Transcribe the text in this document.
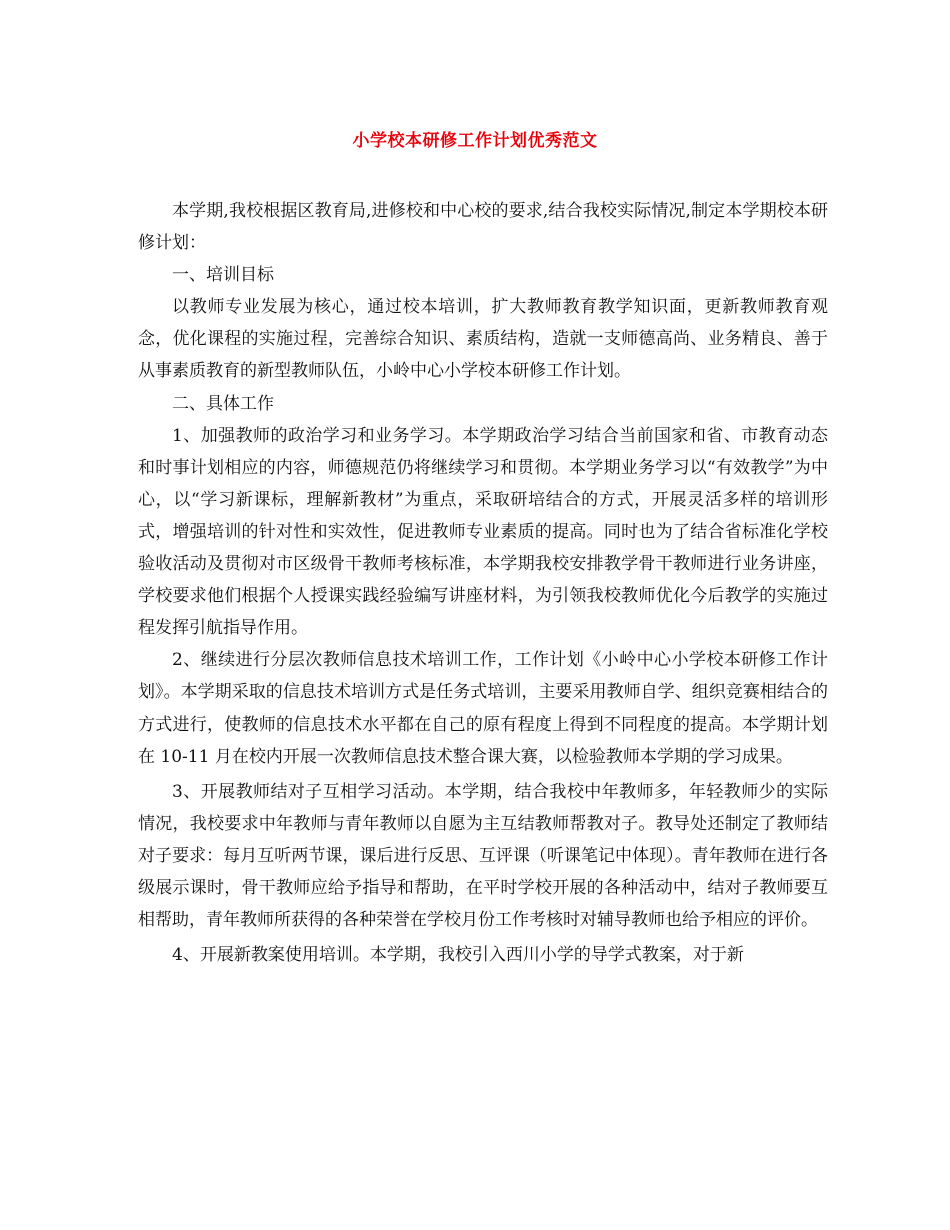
小学校本研修工作计划优秀范文

本学期,我校根据区教育局,进修校和中心校的要求,结合我校实际情况,制定本学期校本研修计划：

一、培训目标

以教师专业发展为核心，通过校本培训，扩大教师教育教学知识面，更新教师教育观念，优化课程的实施过程，完善综合知识、素质结构，造就一支师德高尚、业务精良、善于从事素质教育的新型教师队伍，小岭中心小学校本研修工作计划。

二、具体工作

1、加强教师的政治学习和业务学习。本学期政治学习结合当前国家和省、市教育动态和时事计划相应的内容，师德规范仍将继续学习和贯彻。本学期业务学习以“有效教学”为中心，以“学习新课标，理解新教材”为重点，采取研培结合的方式，开展灵活多样的培训形式，增强培训的针对性和实效性，促进教师专业素质的提高。同时也为了结合省标准化学校验收活动及贯彻对市区级骨干教师考核标准，本学期我校安排教学骨干教师进行业务讲座，学校要求他们根据个人授课实践经验编写讲座材料，为引领我校教师优化今后教学的实施过程发挥引航指导作用。

2、继续进行分层次教师信息技术培训工作，工作计划《小岭中心小学校本研修工作计划》。本学期采取的信息技术培训方式是任务式培训，主要采用教师自学、组织竞赛相结合的方式进行，使教师的信息技术水平都在自己的原有程度上得到不同程度的提高。本学期计划在 10-11 月在校内开展一次教师信息技术整合课大赛，以检验教师本学期的学习成果。

3、开展教师结对子互相学习活动。本学期，结合我校中年教师多，年轻教师少的实际情况，我校要求中年教师与青年教师以自愿为主互结教师帮教对子。教导处还制定了教师结对子要求：每月互听两节课，课后进行反思、互评课（听课笔记中体现）。青年教师在进行各级展示课时，骨干教师应给予指导和帮助，在平时学校开展的各种活动中，结对子教师要互相帮助，青年教师所获得的各种荣誉在学校月份工作考核时对辅导教师也给予相应的评价。

4、开展新教案使用培训。本学期，我校引入西川小学的导学式教案，对于新
